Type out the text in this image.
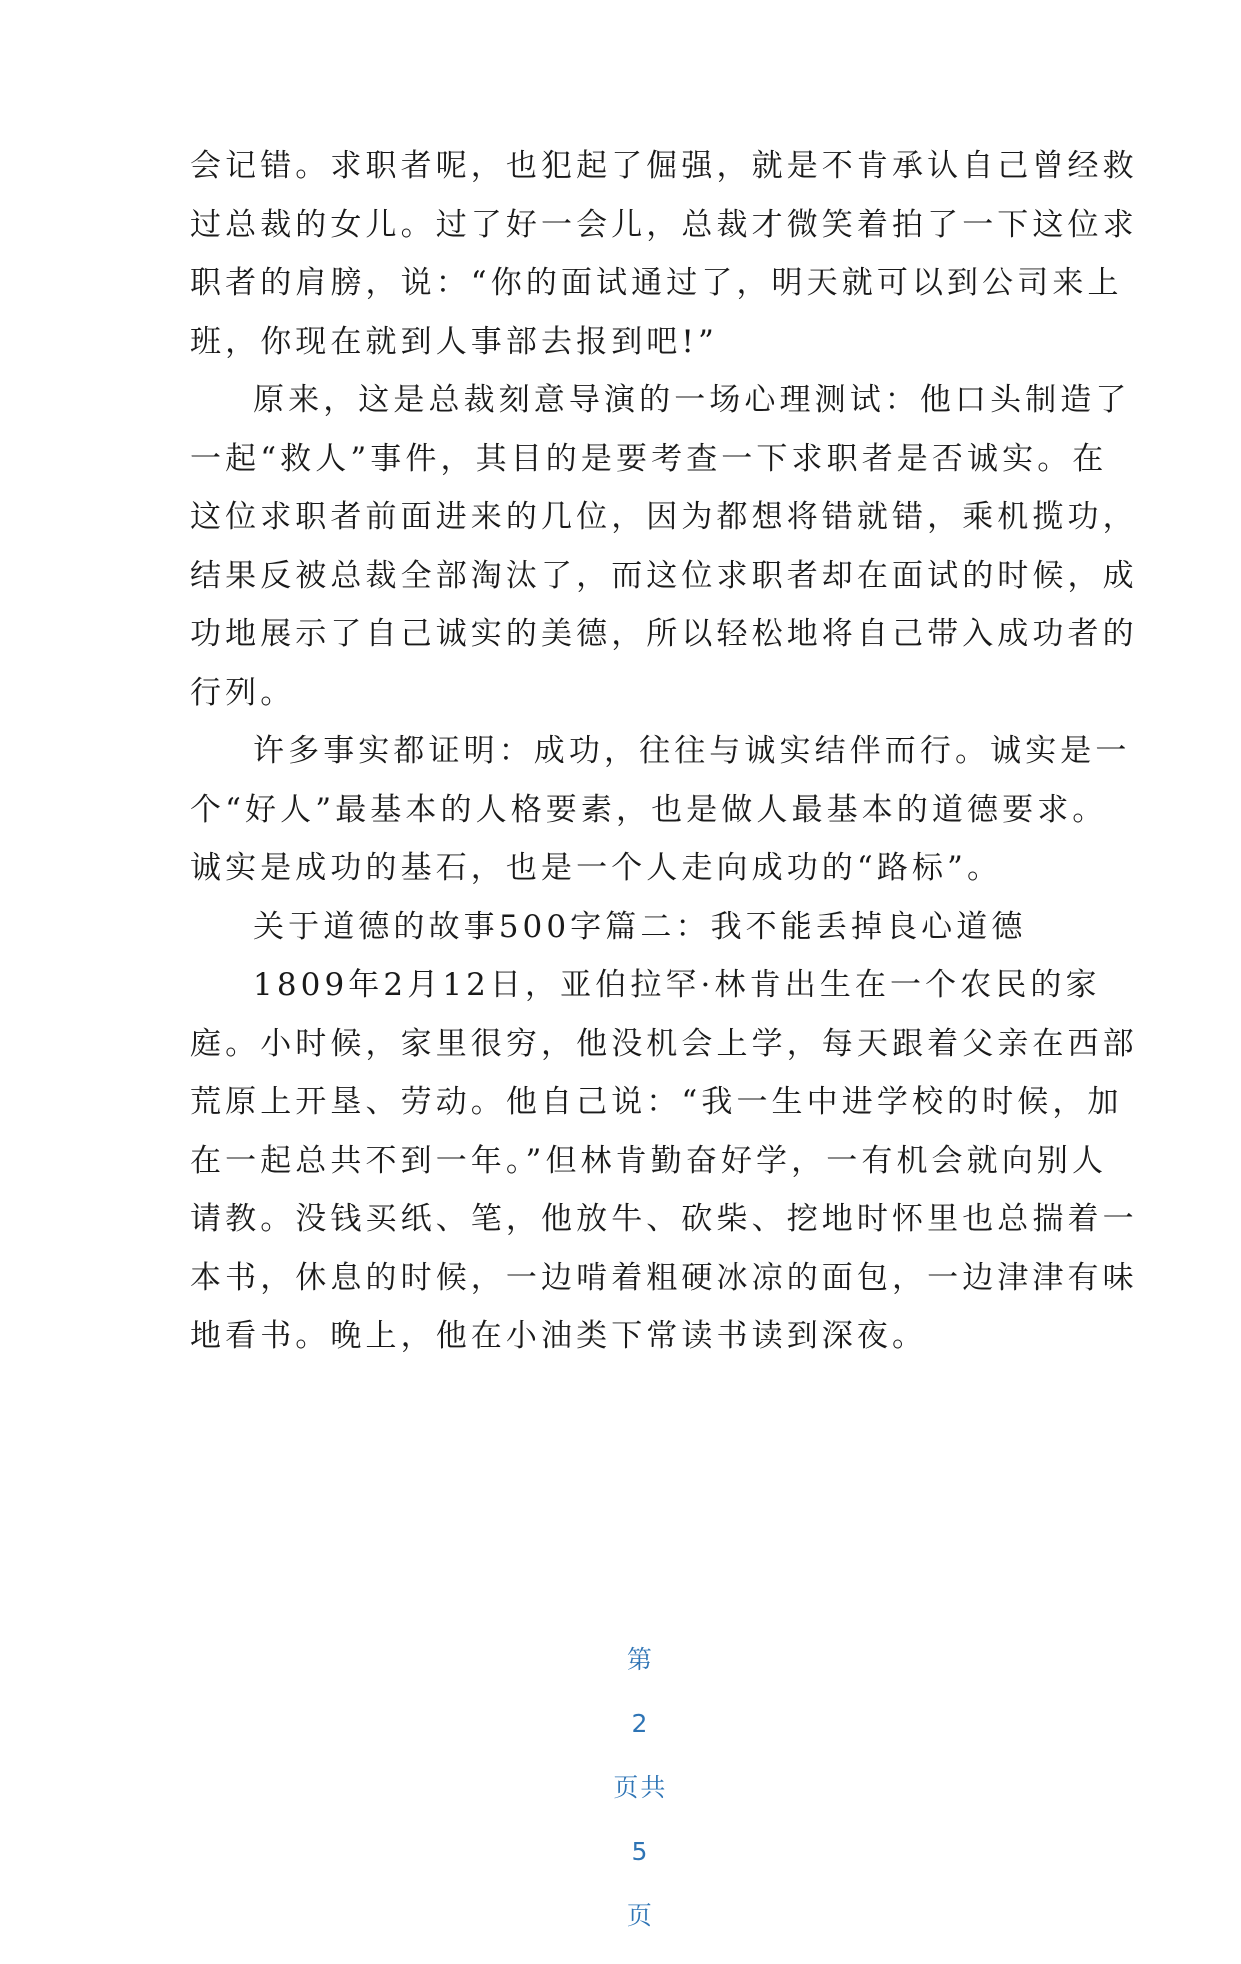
会记错。求职者呢，也犯起了倔强，就是不肯承认自己曾经救

过总裁的女儿。过了好一会儿，总裁才微笑着拍了一下这位求

职者的肩膀，说：“你的面试通过了，明天就可以到公司来上

班，你现在就到人事部去报到吧!”

原来，这是总裁刻意导演的一场心理测试：他口头制造了

一起“救人”事件，其目的是要考查一下求职者是否诚实。在

这位求职者前面进来的几位，因为都想将错就错，乘机揽功，

结果反被总裁全部淘汰了，而这位求职者却在面试的时候，成

功地展示了自己诚实的美德，所以轻松地将自己带入成功者的

行列。

许多事实都证明：成功，往往与诚实结伴而行。诚实是一

个“好人”最基本的人格要素，也是做人最基本的道德要求。

诚实是成功的基石，也是一个人走向成功的“路标”。

关于道德的故事500字篇二：我不能丢掉良心道德

1809年2月12日，亚伯拉罕·林肯出生在一个农民的家

庭。小时候，家里很穷，他没机会上学，每天跟着父亲在西部

荒原上开垦、劳动。他自己说：“我一生中进学校的时候，加

在一起总共不到一年。”但林肯勤奋好学，一有机会就向别人

请教。没钱买纸、笔，他放牛、砍柴、挖地时怀里也总揣着一

本书，休息的时候，一边啃着粗硬冰凉的面包，一边津津有味

地看书。晚上，他在小油类下常读书读到深夜。

第

2

页共

5

页
